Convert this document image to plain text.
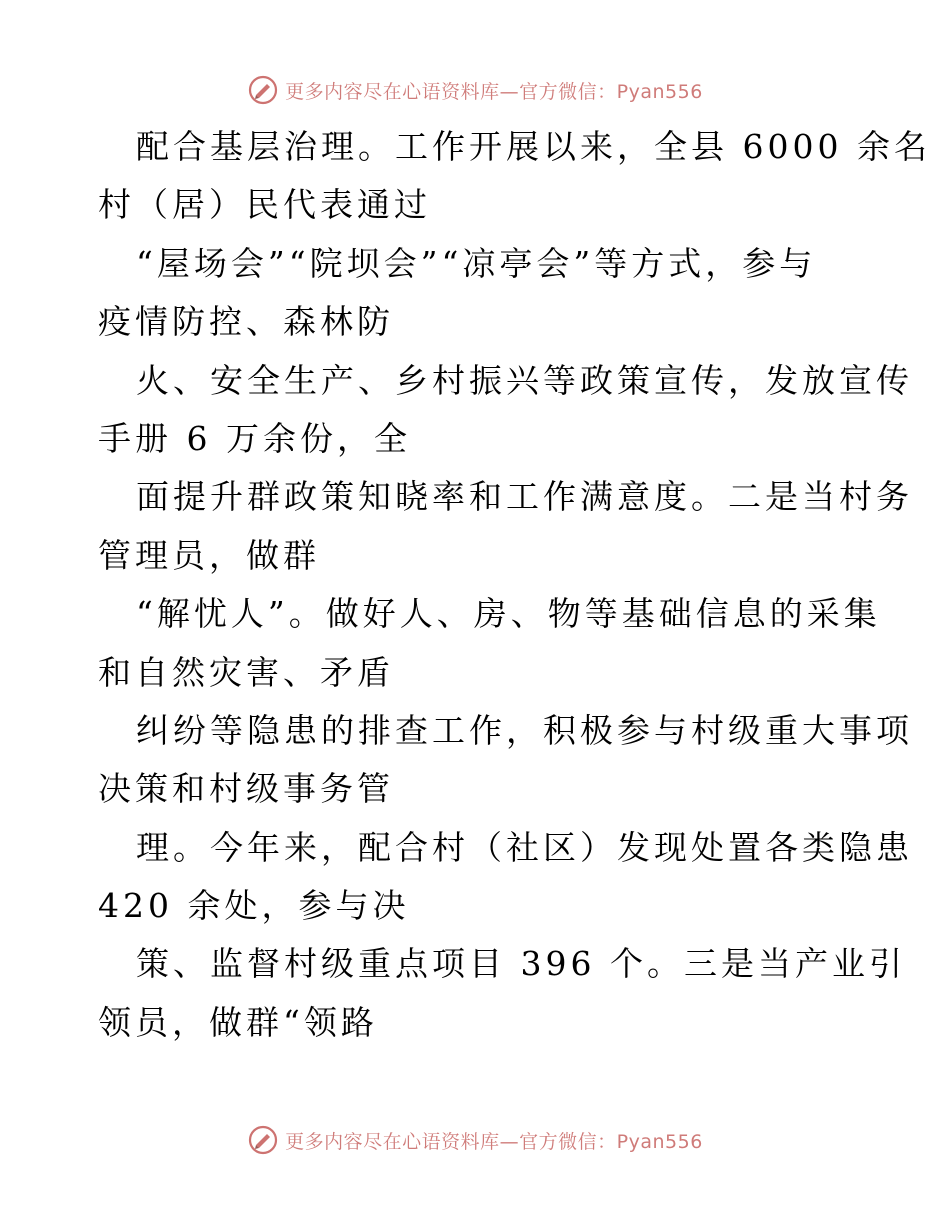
更多内容尽在心语资料库—官方微信：Pyan556
配合基层治理。工作开展以来，全县 6000 余名
村（居）民代表通过
“屋场会”“院坝会”“凉亭会”等方式，参与
疫情防控、森林防
火、安全生产、乡村振兴等政策宣传，发放宣传
手册 6 万余份，全
面提升群政策知晓率和工作满意度。二是当村务
管理员，做群
“解忧人”。做好人、房、物等基础信息的采集
和自然灾害、矛盾
纠纷等隐患的排查工作，积极参与村级重大事项
决策和村级事务管
理。今年来，配合村（社区）发现处置各类隐患
420 余处，参与决
策、监督村级重点项目 396 个。三是当产业引
领员，做群“领路
更多内容尽在心语资料库—官方微信：Pyan556
